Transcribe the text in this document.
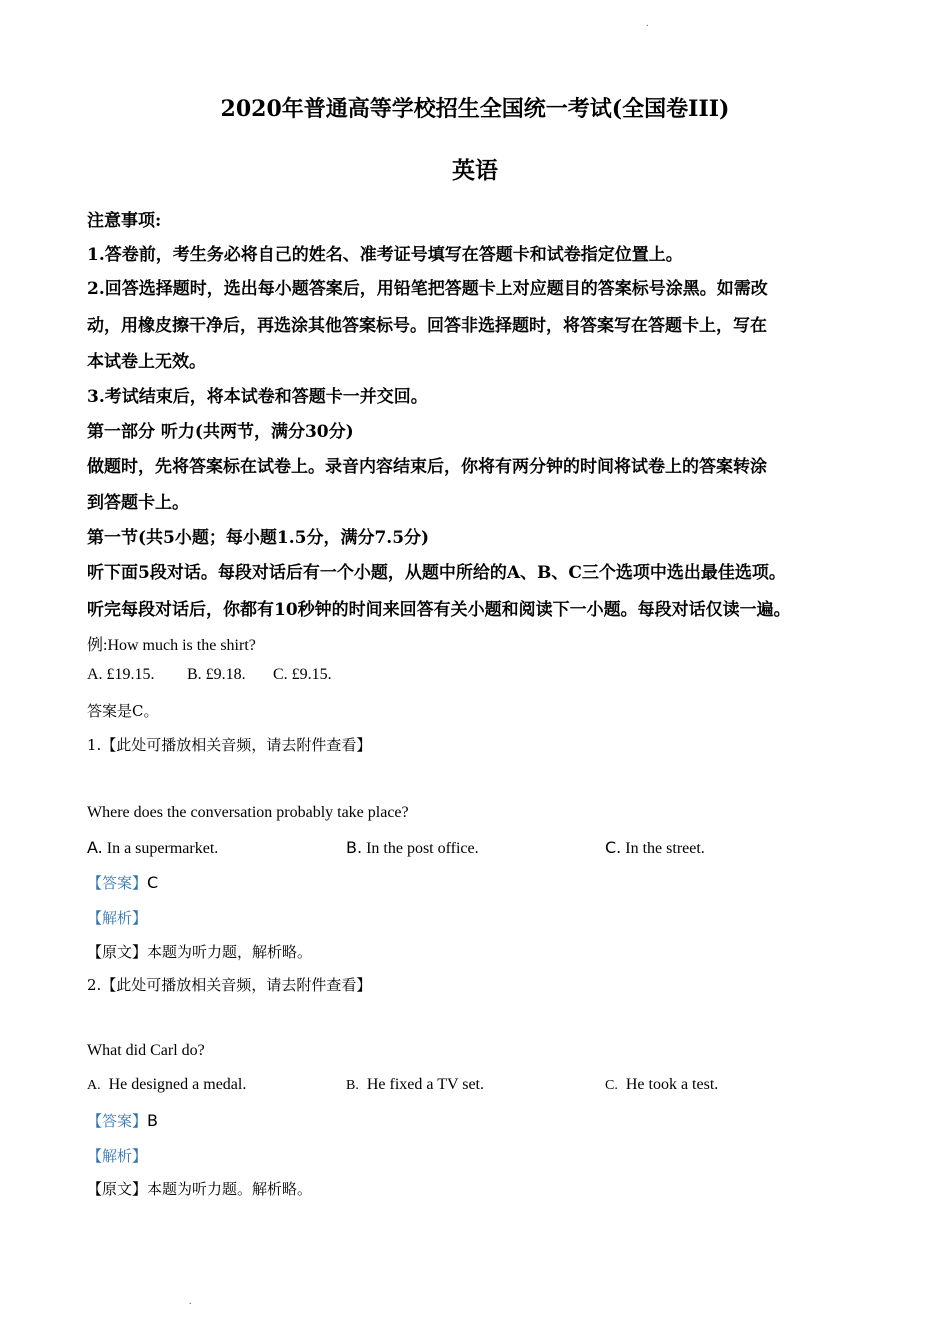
.
2020年普通高等学校招生全国统一考试(全国卷III)
英语
注意事项:
1.答卷前，考生务必将自己的姓名、准考证号填写在答题卡和试卷指定位置上。
2.回答选择题时，选出每小题答案后，用铅笔把答题卡上对应题目的答案标号涂黑。如需改
动，用橡皮擦干净后，再选涂其他答案标号。回答非选择题时，将答案写在答题卡上，写在
本试卷上无效。
3.考试结束后，将本试卷和答题卡一并交回。
第一部分 听力(共两节，满分30分)
做题时，先将答案标在试卷上。录音内容结束后，你将有两分钟的时间将试卷上的答案转涂
到答题卡上。
第一节(共5小题；每小题1.5分，满分7.5分)
听下面5段对话。每段对话后有一个小题，从题中所给的A、B、C三个选项中选出最佳选项。
听完每段对话后，你都有10秒钟的时间来回答有关小题和阅读下一小题。每段对话仅读一遍。
例:How much is the shirt?
A. £19.15. B. £9.18. C. £9.15.
答案是C。
1.【此处可播放相关音频，请去附件查看】
Where does the conversation probably take place?
A. In a supermarket.	B. In the post office.	C. In the street.
【答案】C
【解析】
【原文】本题为听力题，解析略。
2.【此处可播放相关音频，请去附件查看】
What did Carl do?
A. He designed a medal.	B. He fixed a TV set.	C. He took a test.
【答案】B
【解析】
【原文】本题为听力题。解析略。
.
